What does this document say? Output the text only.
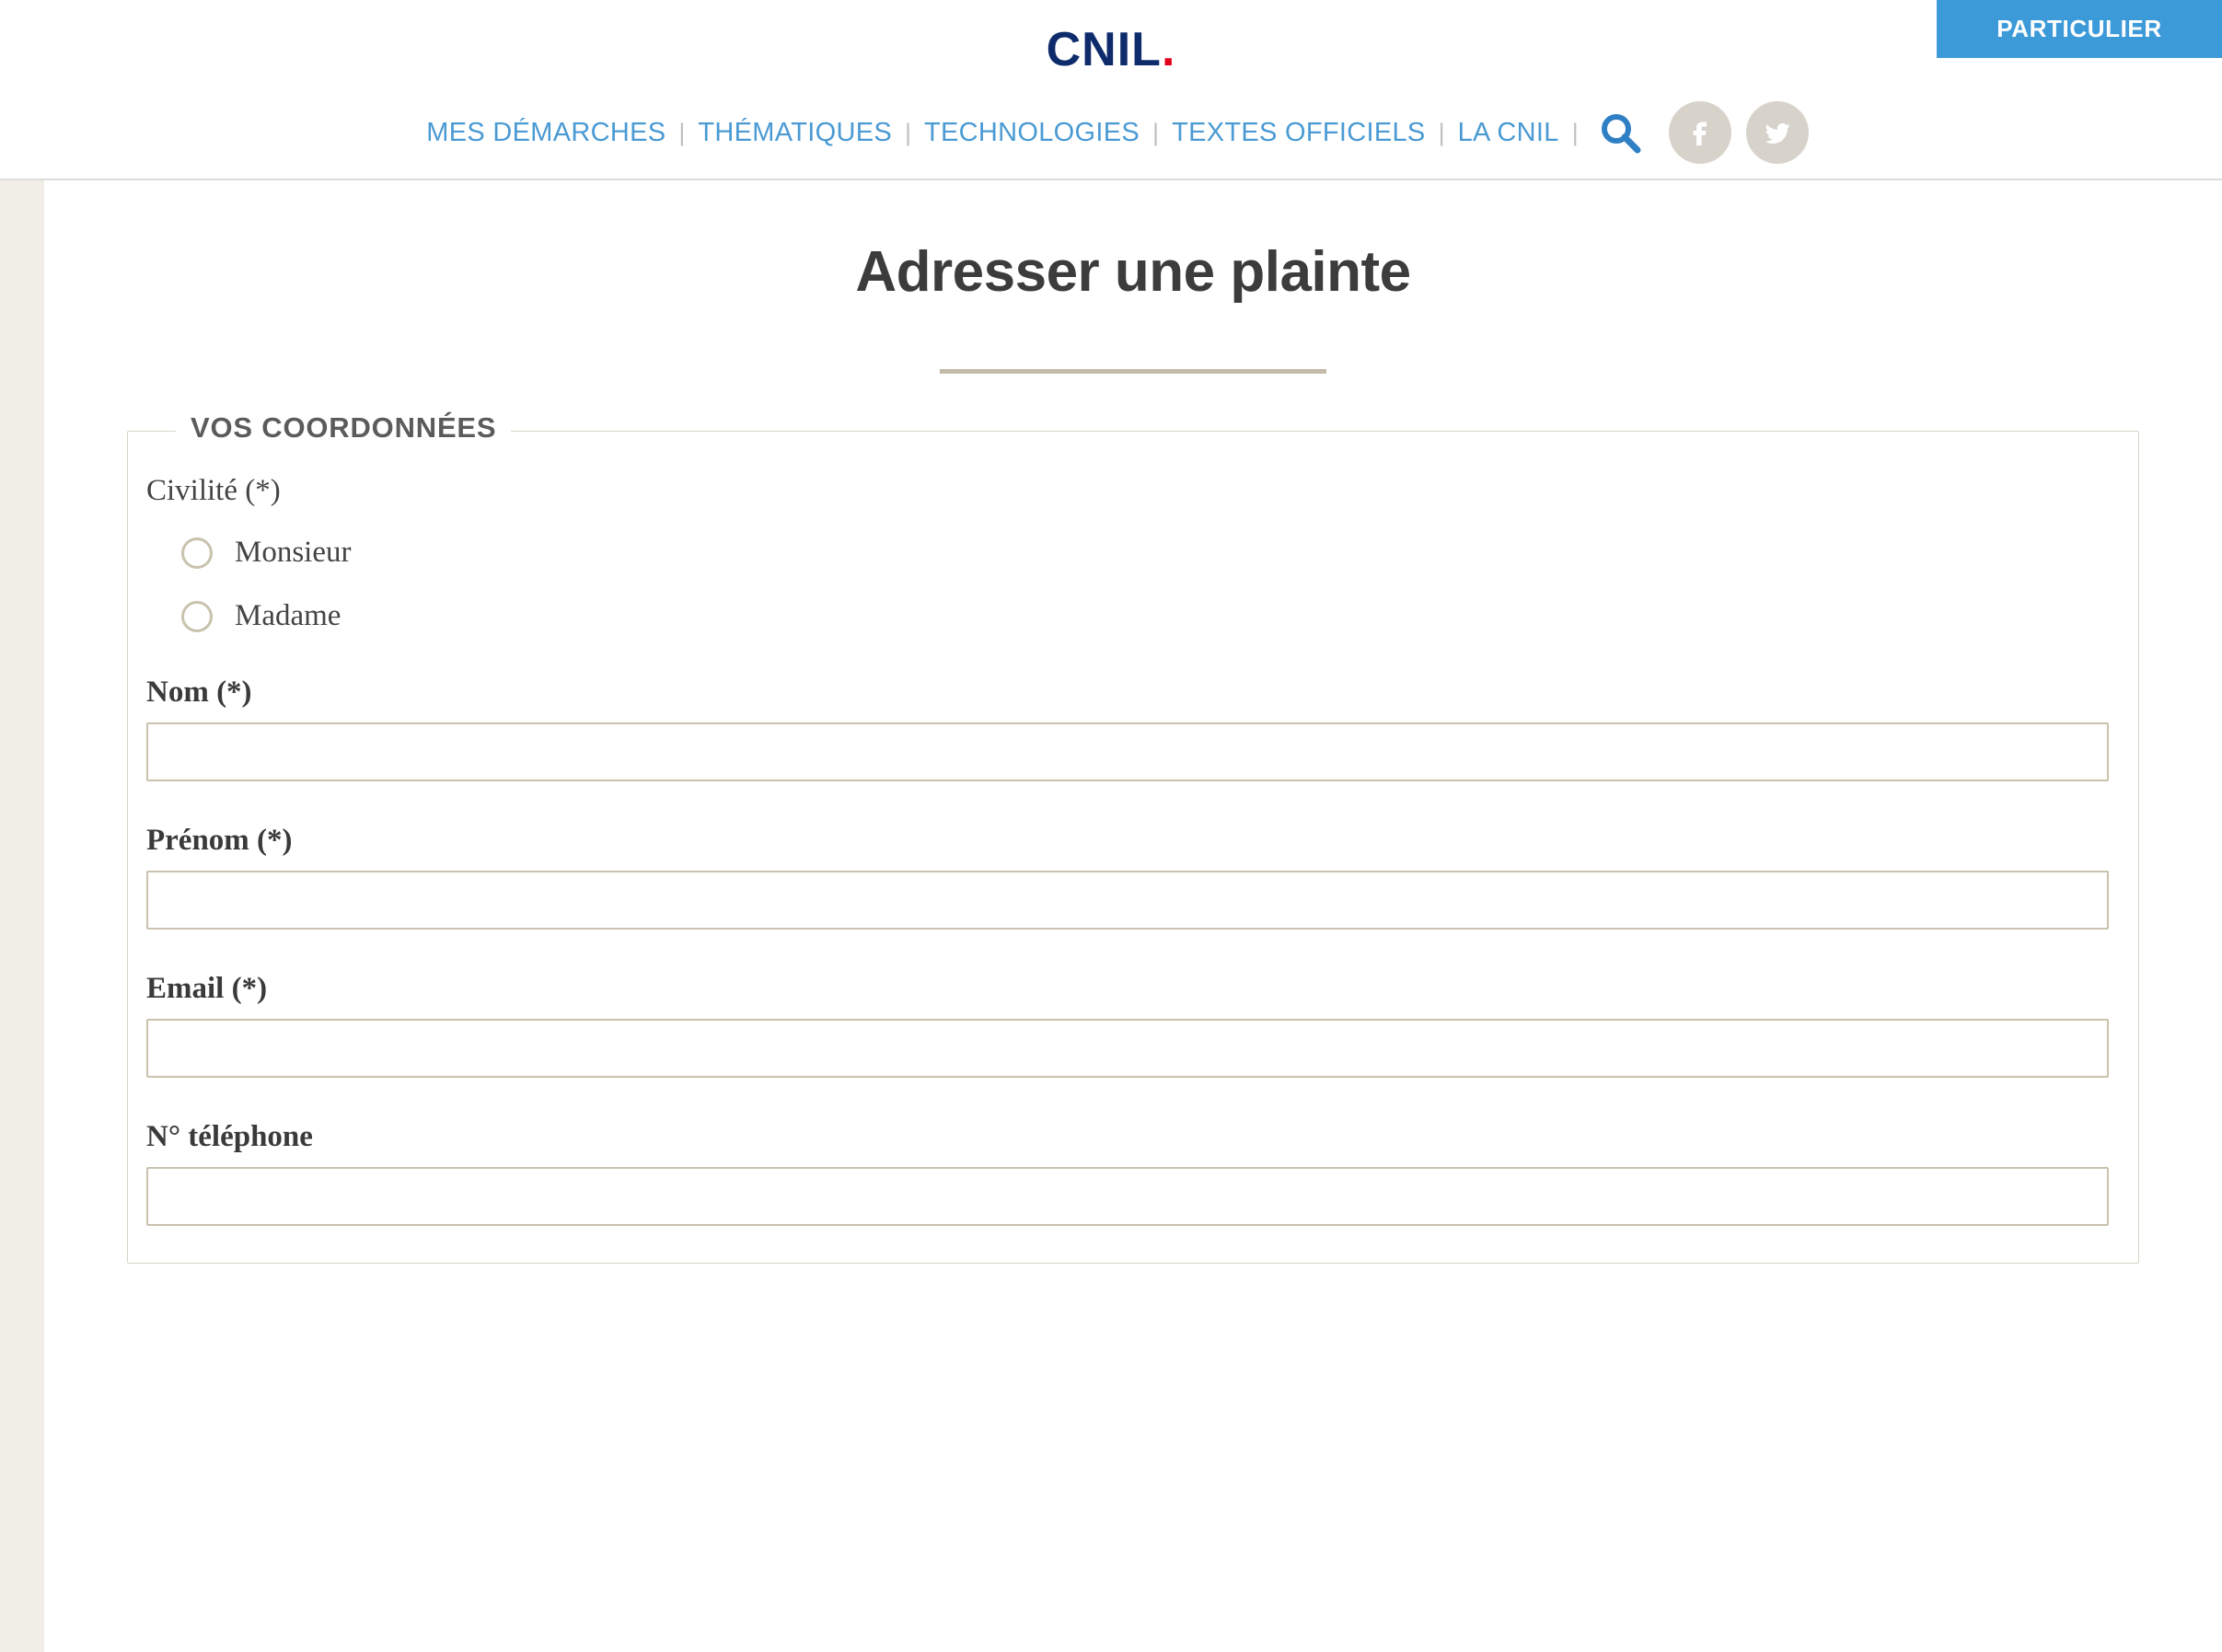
PARTICULIER
CNIL.
MES DÉMARCHES | THÉMATIQUES | TECHNOLOGIES | TEXTES OFFICIELS | LA CNIL |
Adresser une plainte
VOS COORDONNÉES
Civilité (*)
Monsieur
Madame
Nom (*)
Prénom (*)
Email (*)
N° téléphone
